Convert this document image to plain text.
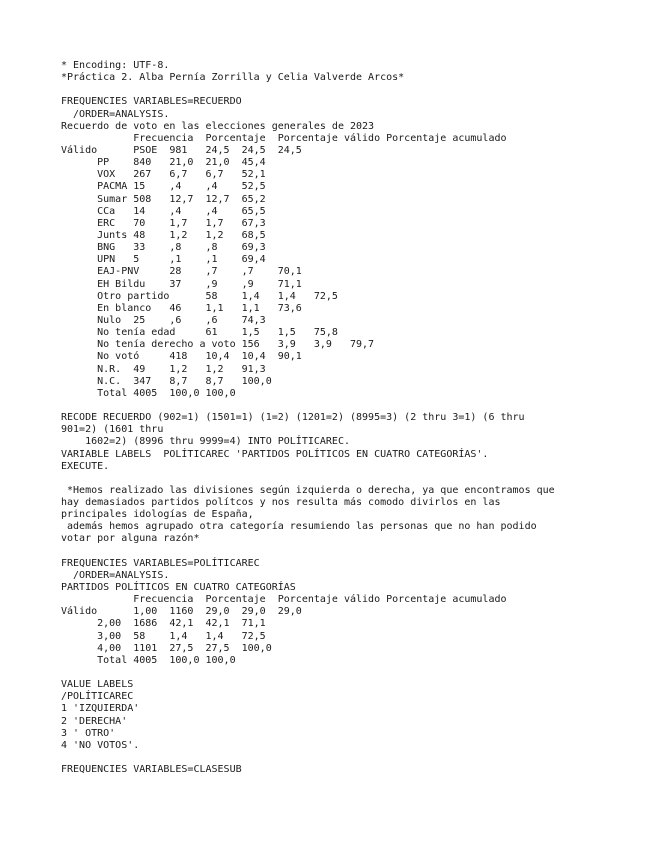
* Encoding: UTF-8.
*Práctica 2. Alba Pernía Zorrilla y Celia Valverde Arcos*

FREQUENCIES VARIABLES=RECUERDO
/ORDER=ANALYSIS.
Recuerdo de voto en las elecciones generales de 2023
Frecuencia  Porcentaje  Porcentaje válido Porcentaje acumulado
Válido      PSOE  981   24,5  24,5  24,5
PP    840   21,0  21,0  45,4
VOX   267   6,7   6,7   52,1
PACMA 15    ,4    ,4    52,5
Sumar 508   12,7  12,7  65,2
CCa   14    ,4    ,4    65,5
ERC   70    1,7   1,7   67,3
Junts 48    1,2   1,2   68,5
BNG   33    ,8    ,8    69,3
UPN   5     ,1    ,1    69,4
EAJ-PNV     28    ,7    ,7    70,1
EH Bildu    37    ,9    ,9    71,1
Otro partido      58    1,4   1,4   72,5
En blanco   46    1,1   1,1   73,6
Nulo  25    ,6    ,6    74,3
No tenía edad     61    1,5   1,5   75,8
No tenía derecho a voto 156   3,9   3,9   79,7
No votó     418   10,4  10,4  90,1
N.R.  49    1,2   1,2   91,3
N.C.  347   8,7   8,7   100,0
Total 4005  100,0 100,0

RECODE RECUERDO (902=1) (1501=1) (1=2) (1201=2) (8995=3) (2 thru 3=1) (6 thru
901=2) (1601 thru
1602=2) (8996 thru 9999=4) INTO POLÍTICAREC.
VARIABLE LABELS  POLÍTICAREC 'PARTIDOS POLÍTICOS EN CUATRO CATEGORÍAS'.
EXECUTE.

*Hemos realizado las divisiones según izquierda o derecha, ya que encontramos que
hay demasiados partidos polítcos y nos resulta más comodo divirlos en las
principales idologías de España,
además hemos agrupado otra categoría resumiendo las personas que no han podido
votar por alguna razón*

FREQUENCIES VARIABLES=POLÍTICAREC
/ORDER=ANALYSIS.
PARTIDOS POLÍTICOS EN CUATRO CATEGORÍAS
Frecuencia  Porcentaje  Porcentaje válido Porcentaje acumulado
Válido      1,00  1160  29,0  29,0  29,0
2,00  1686  42,1  42,1  71,1
3,00  58    1,4   1,4   72,5
4,00  1101  27,5  27,5  100,0
Total 4005  100,0 100,0

VALUE LABELS
/POLÍTICAREC
1 'IZQUIERDA'
2 'DERECHA'
3 ' OTRO'
4 'NO VOTOS'.

FREQUENCIES VARIABLES=CLASESUB
